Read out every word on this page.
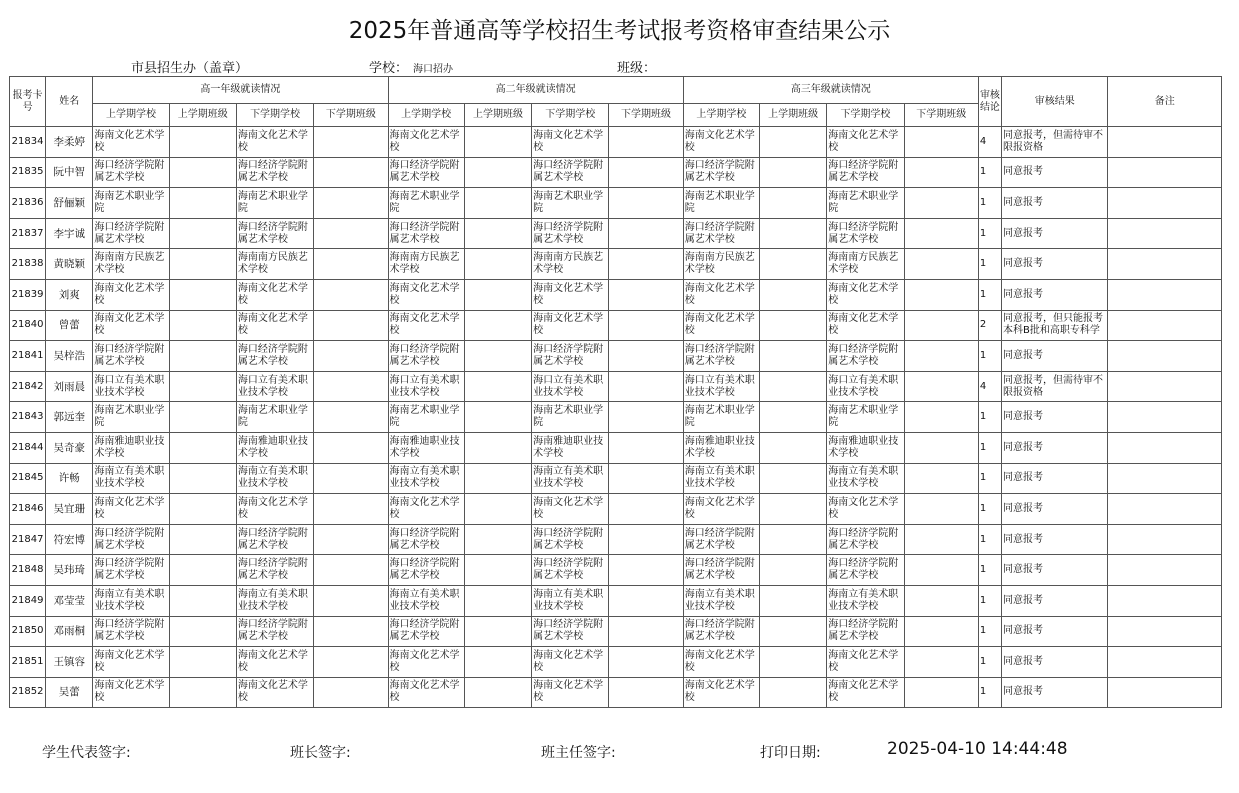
2025年普通高等学校招生考试报考资格审查结果公示
市县招生办（盖章）	学校： 海口招办	班级：
报考卡号	姓名	高一年级就读情况				高二年级就读情况				高三年级就读情况				审核结论	审核结果	备注
		上学期学校	上学期班级	下学期学校	下学期班级	上学期学校	上学期班级	下学期学校	下学期班级	上学期学校	上学期班级	下学期学校	下学期班级			
21834	李柔婷	海南文化艺术学校		海南文化艺术学校		海南文化艺术学校		海南文化艺术学校		海南文化艺术学校		海南文化艺术学校		4	同意报考，但需待审不限报资格	
21835	阮中智	海口经济学院附属艺术学校		海口经济学院附属艺术学校		海口经济学院附属艺术学校		海口经济学院附属艺术学校		海口经济学院附属艺术学校		海口经济学院附属艺术学校		1	同意报考	
21836	舒俪颖	海南艺术职业学院		海南艺术职业学院		海南艺术职业学院		海南艺术职业学院		海南艺术职业学院		海南艺术职业学院		1	同意报考	
21837	李宇诚	海口经济学院附属艺术学校		海口经济学院附属艺术学校		海口经济学院附属艺术学校		海口经济学院附属艺术学校		海口经济学院附属艺术学校		海口经济学院附属艺术学校		1	同意报考	
21838	黄晓颖	海南南方民族艺术学校		海南南方民族艺术学校		海南南方民族艺术学校		海南南方民族艺术学校		海南南方民族艺术学校		海南南方民族艺术学校		1	同意报考	
21839	刘爽	海南文化艺术学校		海南文化艺术学校		海南文化艺术学校		海南文化艺术学校		海南文化艺术学校		海南文化艺术学校		1	同意报考	
21840	曾蕾	海南文化艺术学校		海南文化艺术学校		海南文化艺术学校		海南文化艺术学校		海南文化艺术学校		海南文化艺术学校		2	同意报考，但只能报考本科B批和高职专科学	
21841	吴梓浩	海口经济学院附属艺术学校		海口经济学院附属艺术学校		海口经济学院附属艺术学校		海口经济学院附属艺术学校		海口经济学院附属艺术学校		海口经济学院附属艺术学校		1	同意报考	
21842	刘雨晨	海口立有美术职业技术学校		海口立有美术职业技术学校		海口立有美术职业技术学校		海口立有美术职业技术学校		海口立有美术职业技术学校		海口立有美术职业技术学校		4	同意报考，但需待审不限报资格	
21843	郭远奎	海南艺术职业学院		海南艺术职业学院		海南艺术职业学院		海南艺术职业学院		海南艺术职业学院		海南艺术职业学院		1	同意报考	
21844	吴奇豪	海南雅迪职业技术学校		海南雅迪职业技术学校		海南雅迪职业技术学校		海南雅迪职业技术学校		海南雅迪职业技术学校		海南雅迪职业技术学校		1	同意报考	
21845	许畅	海南立有美术职业技术学校		海南立有美术职业技术学校		海南立有美术职业技术学校		海南立有美术职业技术学校		海南立有美术职业技术学校		海南立有美术职业技术学校		1	同意报考	
21846	吴宜珊	海南文化艺术学校		海南文化艺术学校		海南文化艺术学校		海南文化艺术学校		海南文化艺术学校		海南文化艺术学校		1	同意报考	
21847	符宏博	海口经济学院附属艺术学校		海口经济学院附属艺术学校		海口经济学院附属艺术学校		海口经济学院附属艺术学校		海口经济学院附属艺术学校		海口经济学院附属艺术学校		1	同意报考	
21848	吴玮琦	海口经济学院附属艺术学校		海口经济学院附属艺术学校		海口经济学院附属艺术学校		海口经济学院附属艺术学校		海口经济学院附属艺术学校		海口经济学院附属艺术学校		1	同意报考	
21849	邓莹莹	海南立有美术职业技术学校		海南立有美术职业技术学校		海南立有美术职业技术学校		海南立有美术职业技术学校		海南立有美术职业技术学校		海南立有美术职业技术学校		1	同意报考	
21850	邓雨桐	海口经济学院附属艺术学校		海口经济学院附属艺术学校		海口经济学院附属艺术学校		海口经济学院附属艺术学校		海口经济学院附属艺术学校		海口经济学院附属艺术学校		1	同意报考	
21851	王镇容	海南文化艺术学校		海南文化艺术学校		海南文化艺术学校		海南文化艺术学校		海南文化艺术学校		海南文化艺术学校		1	同意报考	
21852	吴蕾	海南文化艺术学校		海南文化艺术学校		海南文化艺术学校		海南文化艺术学校		海南文化艺术学校		海南文化艺术学校		1	同意报考	
学生代表签字:	班长签字:	班主任签字:	打印日期:	2025-04-10 14:44:48
